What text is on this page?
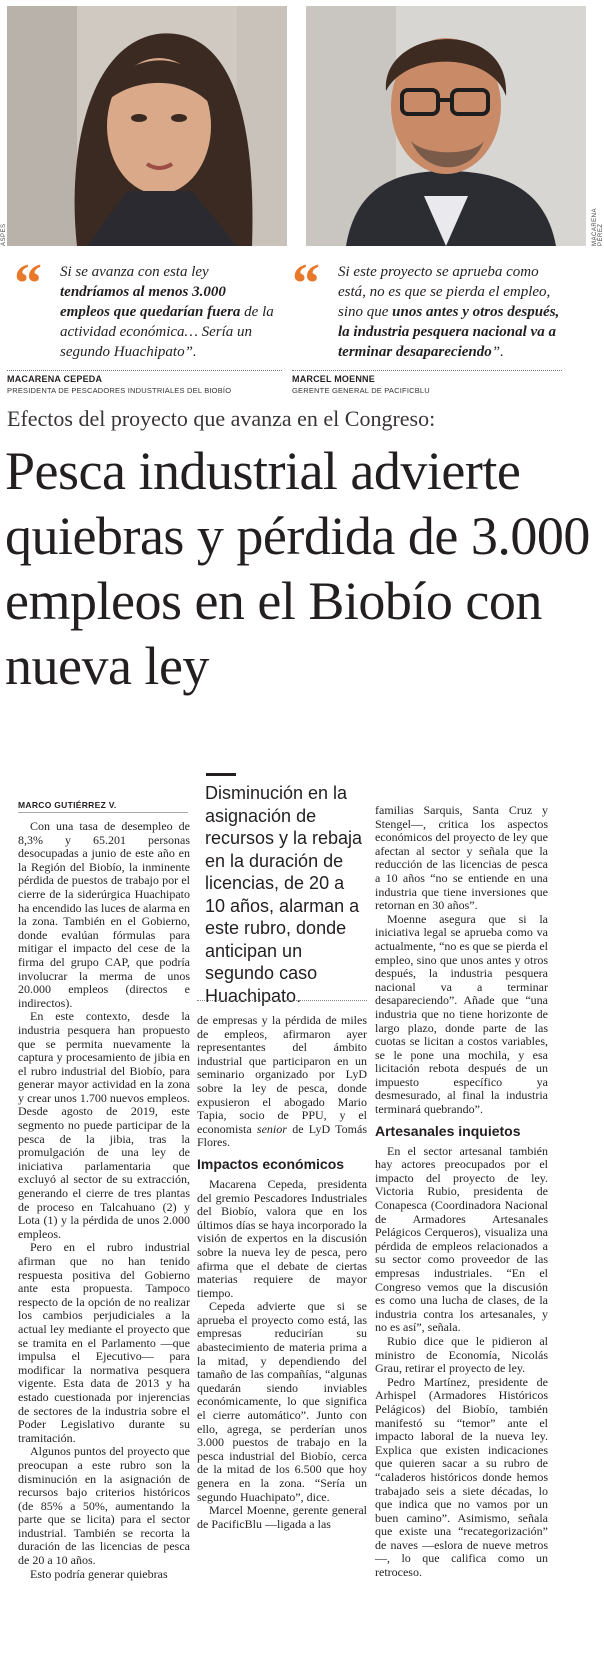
ASPES	MACARENA PÉREZ
“	Si se avanza con esta ley tendríamos al menos 3.000 empleos que quedarían fuera de la actividad económica… Sería un segundo Huachipato”.
MACARENA CEPEDA
PRESIDENTA DE PESCADORES INDUSTRIALES DEL BIOBÍO
“	Si este proyecto se aprueba como está, no es que se pierda el empleo, sino que unos antes y otros después, la industria pesquera nacional va a terminar desapareciendo”.
MARCEL MOENNE
GERENTE GENERAL DE PACIFICBLU
Efectos del proyecto que avanza en el Congreso:
Pesca industrial advierte quiebras y pérdida de 3.000 empleos en el Biobío con nueva ley
MARCO GUTIÉRREZ V.
Disminución en la asignación de recursos y la rebaja en la duración de licencias, de 20 a 10 años, alarman a este rubro, donde anticipan un segundo caso Huachipato.

Con una tasa de desempleo de 8,3% y 65.201 personas desocupadas a junio de este año en la Región del Biobío, la inminente pérdida de puestos de trabajo por el cierre de la siderúrgica Huachipato ha encendido las luces de alarma en la zona. También en el Gobierno, donde evalúan fórmulas para mitigar el impacto del cese de la firma del grupo CAP, que podría involucrar la merma de unos 20.000 empleos (directos e indirectos).

En este contexto, desde la industria pesquera han propuesto que se permita nuevamente la captura y procesamiento de jibia en el rubro industrial del Biobío, para generar mayor actividad en la zona y crear unos 1.700 nuevos empleos. Desde agosto de 2019, este segmento no puede participar de la pesca de la jibia, tras la promulgación de una ley de iniciativa parlamentaria que excluyó al sector de su extracción, generando el cierre de tres plantas de proceso en Talcahuano (2) y Lota (1) y la pérdida de unos 2.000 empleos.

Pero en el rubro industrial afirman que no han tenido respuesta positiva del Gobierno ante esta propuesta. Tampoco respecto de la opción de no realizar los cambios perjudiciales a la actual ley mediante el proyecto que se tramita en el Parlamento —que impulsa el Ejecutivo— para modificar la normativa pesquera vigente. Esta data de 2013 y ha estado cuestionada por injerencias de sectores de la industria sobre el Poder Legislativo durante su tramitación.

Algunos puntos del proyecto que preocupan a este rubro son la disminución en la asignación de recursos bajo criterios históricos (de 85% a 50%, aumentando la parte que se licita) para el sector industrial. También se recorta la duración de las licencias de pesca de 20 a 10 años.

Esto podría generar quiebras

de empresas y la pérdida de miles de empleos, afirmaron ayer representantes del ámbito industrial que participaron en un seminario organizado por LyD sobre la ley de pesca, donde expusieron el abogado Mario Tapia, socio de PPU, y el economista senior de LyD Tomás Flores.

Impactos económicos

Macarena Cepeda, presidenta del gremio Pescadores Industriales del Biobío, valora que en los últimos días se haya incorporado la visión de expertos en la discusión sobre la nueva ley de pesca, pero afirma que el debate de ciertas materias requiere de mayor tiempo.

Cepeda advierte que si se aprueba el proyecto como está, las empresas reducirían su abastecimiento de materia prima a la mitad, y dependiendo del tamaño de las compañías, “algunas quedarán siendo inviables económicamente, lo que significa el cierre automático”. Junto con ello, agrega, se perderían unos 3.000 puestos de trabajo en la pesca industrial del Biobío, cerca de la mitad de los 6.500 que hoy genera en la zona. “Sería un segundo Huachipato”, dice.

Marcel Moenne, gerente general de PacificBlu —ligada a las

familias Sarquis, Santa Cruz y Stengel—, critica los aspectos económicos del proyecto de ley que afectan al sector y señala que la reducción de las licencias de pesca a 10 años “no se entiende en una industria que tiene inversiones que retornan en 30 años”.

Moenne asegura que si la iniciativa legal se aprueba como va actualmente, “no es que se pierda el empleo, sino que unos antes y otros después, la industria pesquera nacional va a terminar desapareciendo”. Añade que “una industria que no tiene horizonte de largo plazo, donde parte de las cuotas se licitan a costos variables, se le pone una mochila, y esa licitación rebota después de un impuesto específico ya desmesurado, al final la industria terminará quebrando”.

Artesanales inquietos

En el sector artesanal también hay actores preocupados por el impacto del proyecto de ley. Victoria Rubio, presidenta de Conapesca (Coordinadora Nacional de Armadores Artesanales Pelágicos Cerqueros), visualiza una pérdida de empleos relacionados a su sector como proveedor de las empresas industriales. “En el Congreso vemos que la discusión es como una lucha de clases, de la industria contra los artesanales, y no es así”, señala.

Rubio dice que le pidieron al ministro de Economía, Nicolás Grau, retirar el proyecto de ley.

Pedro Martínez, presidente de Arhispel (Armadores Históricos Pelágicos) del Biobío, también manifestó su “temor” ante el impacto laboral de la nueva ley. Explica que existen indicaciones que quieren sacar a su rubro de “caladeros históricos donde hemos trabajado seis a siete décadas, lo que indica que no vamos por un buen camino”. Asimismo, señala que existe una “recategorización” de naves —eslora de nueve metros—, lo que califica como un retroceso.
